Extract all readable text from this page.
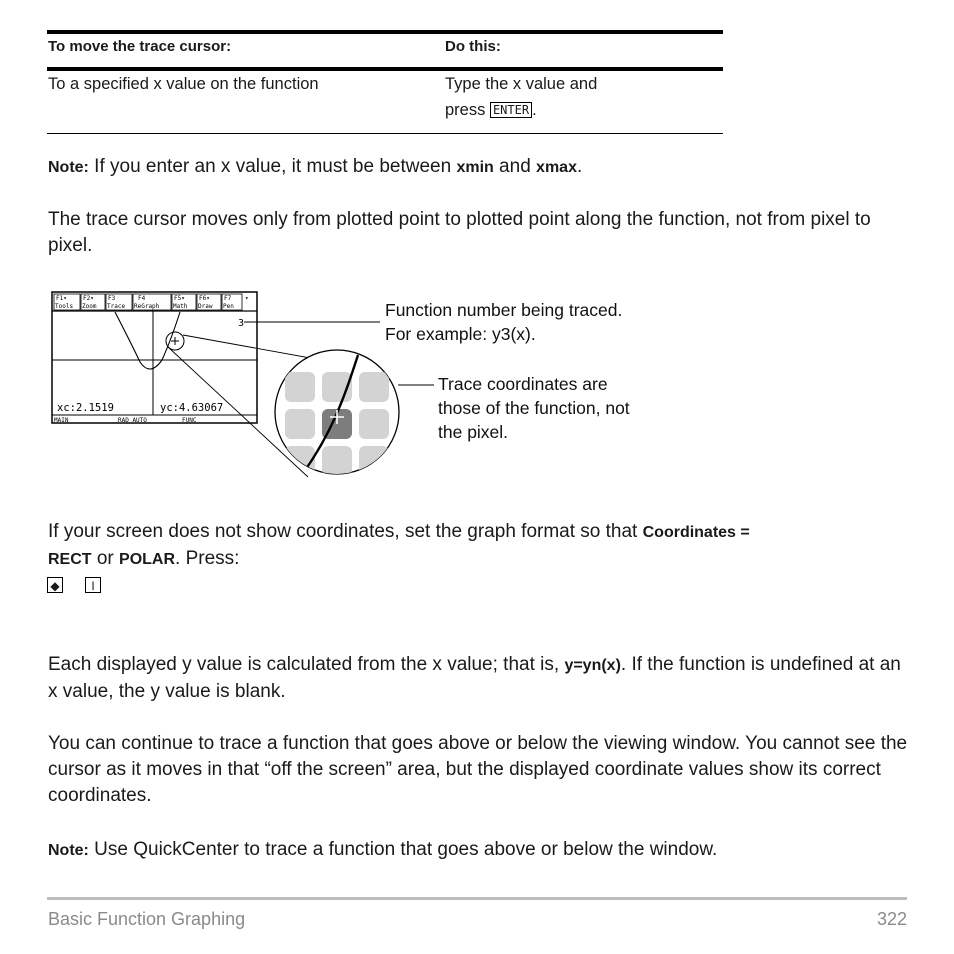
To move the trace cursor:	Do this:
To a specified x value on the function	Type the x value and
press ENTER .
Note: If you enter an x value, it must be between xmin and xmax.
The trace cursor moves only from plotted point to plotted point along the function, not from pixel to pixel.
F1▾
Tools
F2▾
Zoom
F3
Trace
F4
ReGraph
F5▾
Math
F6▾
Draw
F7
Pen
▾
3
xc:2.1519	yc:4.63067
MAIN	RAD AUTO	FUNC
Function number being traced.
For example: y3(x).
Trace coordinates are
those of the function, not
the pixel.
If your screen does not show coordinates, set the graph format so that Coordinates =
RECT or POLAR. Press:
◆	I
Each displayed y value is calculated from the x value; that is, y=yn(x). If the function is undefined at an x value, the y value is blank.
You can continue to trace a function that goes above or below the viewing window. You cannot see the cursor as it moves in that “off the screen” area, but the displayed coordinate values show its correct coordinates.
Note: Use QuickCenter to trace a function that goes above or below the window.
Basic Function Graphing	322
